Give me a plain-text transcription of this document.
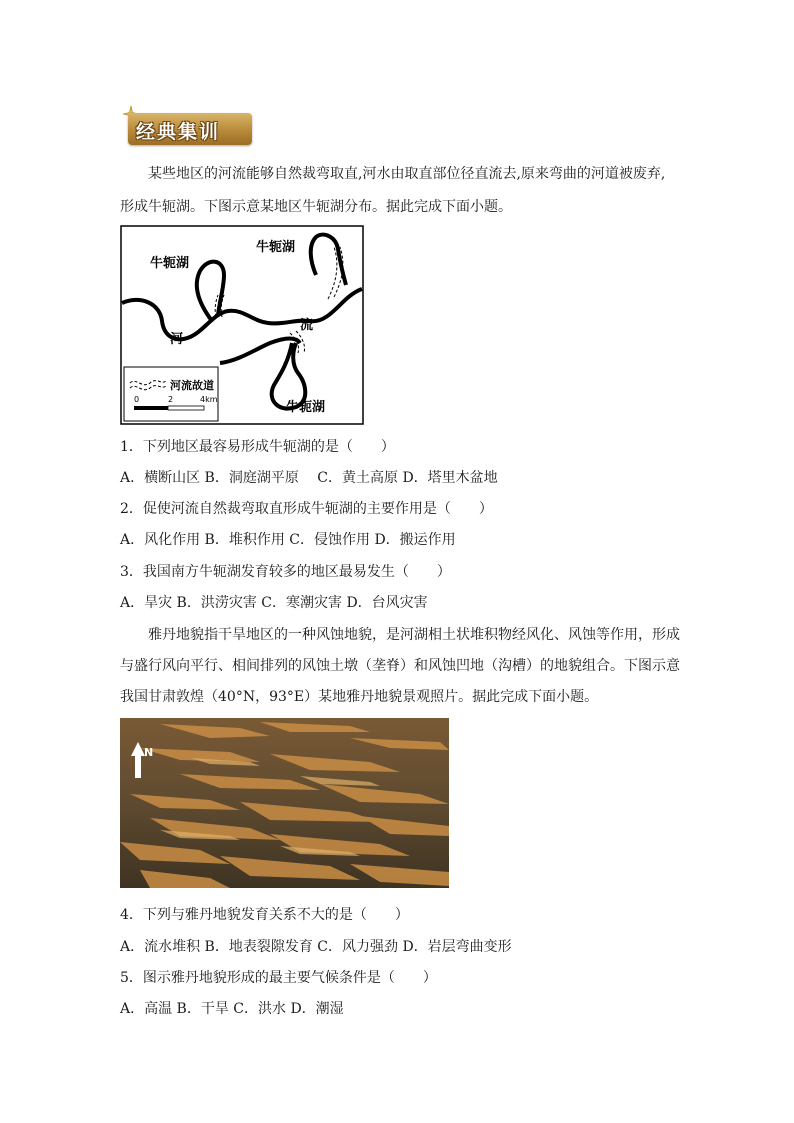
经典集训
某些地区的河流能够自然裁弯取直,河水由取直部位径直流去,原来弯曲的河道被废弃,
形成牛轭湖。下图示意某地区牛轭湖分布。据此完成下面小题。
河流故道
0	2	4km
牛轭湖
牛轭湖
牛轭湖
河
流
1．下列地区最容易形成牛轭湖的是（　　）
A．横断山区 B．洞庭湖平原　 C．黄土高原 D．塔里木盆地
2．促使河流自然裁弯取直形成牛轭湖的主要作用是（　　）
A．风化作用 B．堆积作用 C．侵蚀作用 D．搬运作用
3．我国南方牛轭湖发育较多的地区最易发生（　　）
A．旱灾 B．洪涝灾害 C．寒潮灾害 D．台风灾害
雅丹地貌指干旱地区的一种风蚀地貌，是河湖相土状堆积物经风化、风蚀等作用，形成
与盛行风向平行、相间排列的风蚀土墩（垄脊）和风蚀凹地（沟槽）的地貌组合。下图示意
我国甘肃敦煌（40°N，93°E）某地雅丹地貌景观照片。据此完成下面小题。
N
4．下列与雅丹地貌发育关系不大的是（　　）
A．流水堆积 B．地表裂隙发育 C．风力强劲 D．岩层弯曲变形
5．图示雅丹地貌形成的最主要气候条件是（　　）
A．高温 B．干旱 C．洪水 D．潮湿
